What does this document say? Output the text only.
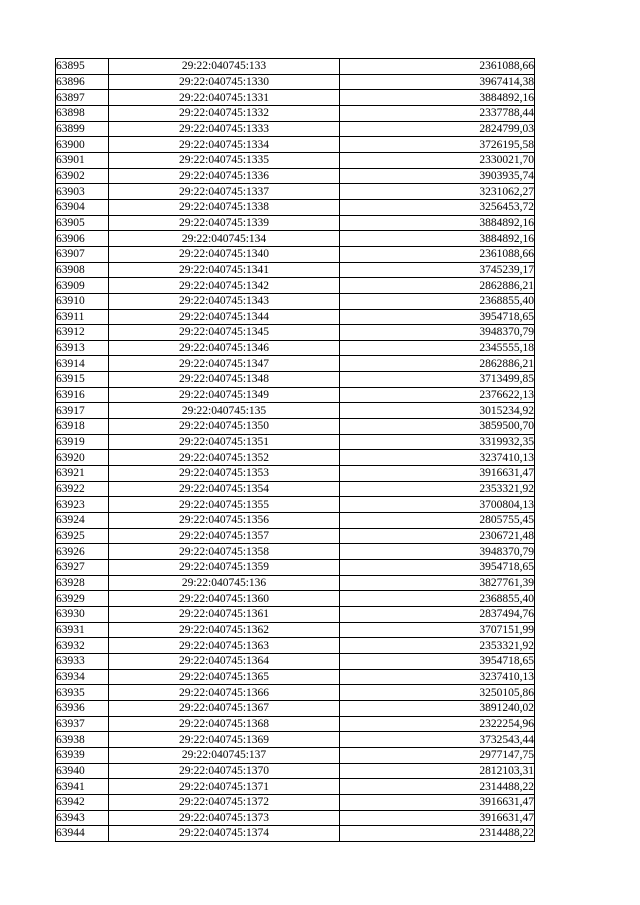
63895	29:22:040745:133	2361088,66
63896	29:22:040745:1330	3967414,38
63897	29:22:040745:1331	3884892,16
63898	29:22:040745:1332	2337788,44
63899	29:22:040745:1333	2824799,03
63900	29:22:040745:1334	3726195,58
63901	29:22:040745:1335	2330021,70
63902	29:22:040745:1336	3903935,74
63903	29:22:040745:1337	3231062,27
63904	29:22:040745:1338	3256453,72
63905	29:22:040745:1339	3884892,16
63906	29:22:040745:134	3884892,16
63907	29:22:040745:1340	2361088,66
63908	29:22:040745:1341	3745239,17
63909	29:22:040745:1342	2862886,21
63910	29:22:040745:1343	2368855,40
63911	29:22:040745:1344	3954718,65
63912	29:22:040745:1345	3948370,79
63913	29:22:040745:1346	2345555,18
63914	29:22:040745:1347	2862886,21
63915	29:22:040745:1348	3713499,85
63916	29:22:040745:1349	2376622,13
63917	29:22:040745:135	3015234,92
63918	29:22:040745:1350	3859500,70
63919	29:22:040745:1351	3319932,35
63920	29:22:040745:1352	3237410,13
63921	29:22:040745:1353	3916631,47
63922	29:22:040745:1354	2353321,92
63923	29:22:040745:1355	3700804,13
63924	29:22:040745:1356	2805755,45
63925	29:22:040745:1357	2306721,48
63926	29:22:040745:1358	3948370,79
63927	29:22:040745:1359	3954718,65
63928	29:22:040745:136	3827761,39
63929	29:22:040745:1360	2368855,40
63930	29:22:040745:1361	2837494,76
63931	29:22:040745:1362	3707151,99
63932	29:22:040745:1363	2353321,92
63933	29:22:040745:1364	3954718,65
63934	29:22:040745:1365	3237410,13
63935	29:22:040745:1366	3250105,86
63936	29:22:040745:1367	3891240,02
63937	29:22:040745:1368	2322254,96
63938	29:22:040745:1369	3732543,44
63939	29:22:040745:137	2977147,75
63940	29:22:040745:1370	2812103,31
63941	29:22:040745:1371	2314488,22
63942	29:22:040745:1372	3916631,47
63943	29:22:040745:1373	3916631,47
63944	29:22:040745:1374	2314488,22
